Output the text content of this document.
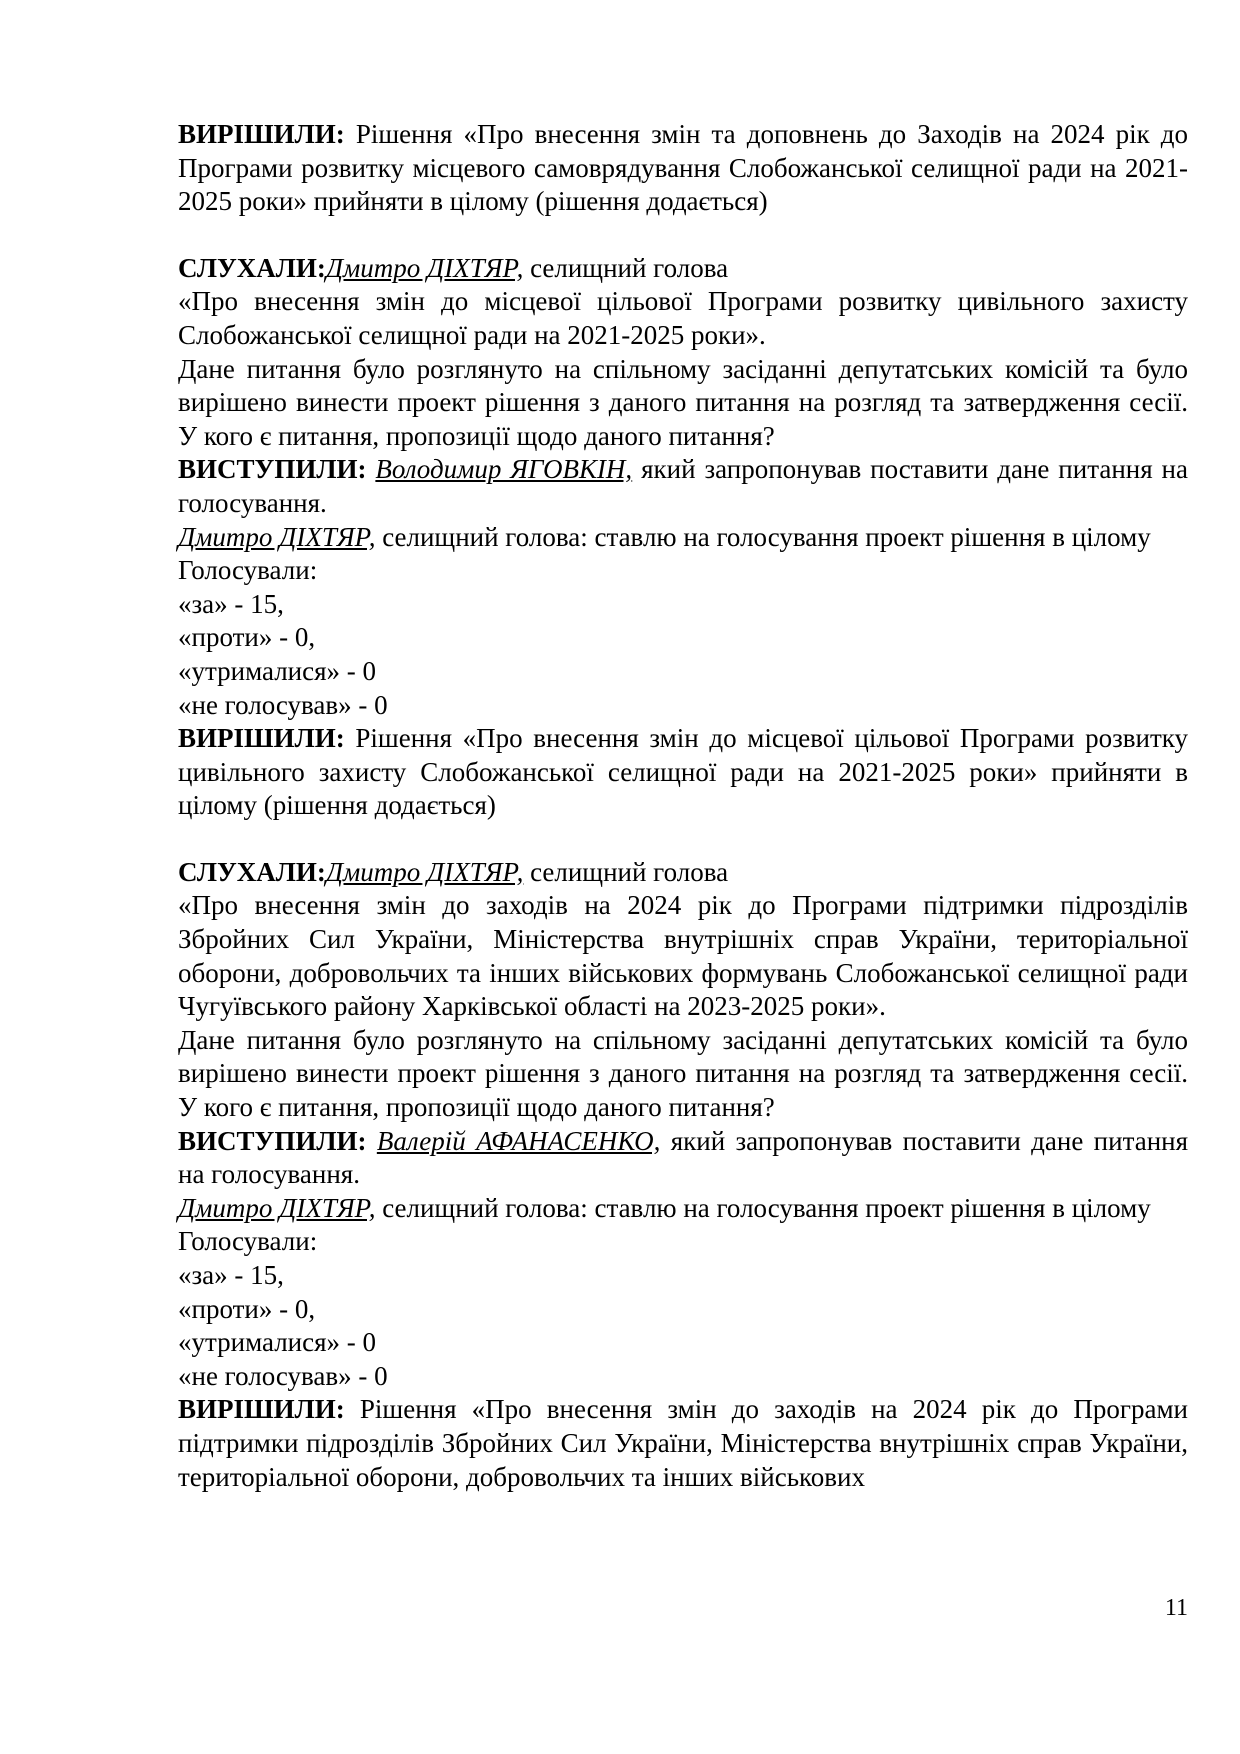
ВИРІШИЛИ: Рішення «Про внесення змін та доповнень до Заходів на 2024 рік до Програми розвитку місцевого самоврядування Слобожанської селищної ради на 2021-2025 роки» прийняти в цілому (рішення додається)

СЛУХАЛИ:Дмитро ДІХТЯР, селищний голова

«Про внесення змін до місцевої цільової Програми розвитку цивільного захисту Слобожанської селищної ради на 2021-2025 роки».

Дане питання було розглянуто на спільному засіданні депутатських комісій та було вирішено винести проект рішення з даного питання на розгляд та затвердження сесії. У кого є питання, пропозиції щодо даного питання?

ВИСТУПИЛИ: Володимир ЯГОВКІН, який запропонував поставити дане питання на голосування.

Дмитро ДІХТЯР, селищний голова: ставлю на голосування проект рішення в цілому

Голосували:

«за» - 15,

«проти» - 0,

«утрималися» - 0

«не голосував» - 0

ВИРІШИЛИ: Рішення «Про внесення змін до місцевої цільової Програми розвитку цивільного захисту Слобожанської селищної ради на 2021-2025 роки» прийняти в цілому (рішення додається)

СЛУХАЛИ:Дмитро ДІХТЯР, селищний голова

«Про внесення змін до заходів на 2024 рік до Програми підтримки підрозділів Збройних Сил України, Міністерства внутрішніх справ України, територіальної оборони, добровольчих та інших військових формувань Слобожанської селищної ради Чугуївського району Харківської області на 2023-2025 роки».

Дане питання було розглянуто на спільному засіданні депутатських комісій та було вирішено винести проект рішення з даного питання на розгляд та затвердження сесії. У кого є питання, пропозиції щодо даного питання?

ВИСТУПИЛИ: Валерій АФАНАСЕНКО, який запропонував поставити дане питання на голосування.

Дмитро ДІХТЯР, селищний голова: ставлю на голосування проект рішення в цілому

Голосували:

«за» - 15,

«проти» - 0,

«утрималися» - 0

«не голосував» - 0

ВИРІШИЛИ: Рішення «Про внесення змін до заходів на 2024 рік до Програми підтримки підрозділів Збройних Сил України, Міністерства внутрішніх справ України, територіальної оборони, добровольчих та інших військових

11
